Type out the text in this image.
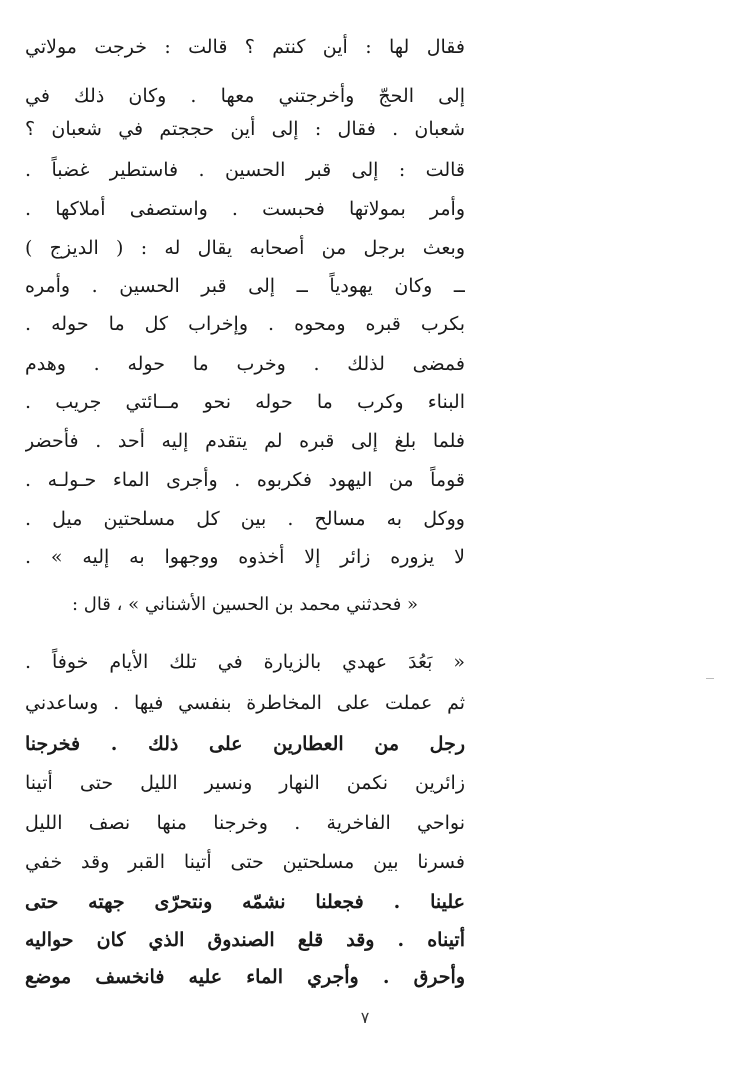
فقال لها : أين كنتم ؟ قالت : خرجت مولاتي
إلى الحجّ وأخرجتني معها . وكان ذلك في
شعبان . فقال : إلى أين حججتم في شعبان ؟
قالت : إلى قبر الحسين . فاستطير غضباً .
وأمر بمولاتها فحبست . واستصفى أملاكها .
وبعث برجل من أصحابه يقال له : ( الديزج )
ــ وكان يهودياً ــ إلى قبر الحسين . وأمره
بكرب قبره ومحوه . وإخراب كل ما حوله .
فمضى لذلك . وخرب ما حوله . وهدم
البناء وكرب ما حوله نحو مــائتي جريب .
فلما بلغ إلى قبره لم يتقدم إليه أحد . فأحضر
قوماً من اليهود فكربوه . وأجرى الماء حـولـه .
ووكل به مسالح . بين كل مسلحتين ميل .
لا يزوره زائر إلا أخذوه ووجهوا به إليه » .
« فحدثني محمد بن الحسين الأشناني » ، قال :
« بَعُدَ عهدي بالزيارة في تلك الأيام خوفاً .
ثم عملت على المخاطرة بنفسي فيها . وساعدني
رجل من العطارين على ذلك . فخرجنا
زائرين نكمن النهار ونسير الليل حتى أتينا
نواحي الفاخرية . وخرجنا منها نصف الليل
فسرنا بين مسلحتين حتى أتينا القبر وقد خفي
علينا . فجعلنا نشمّه ونتحرّى جهته حتى
أتيناه . وقد قلع الصندوق الذي كان حواليه
وأحرق . وأجري الماء عليه فانخسف موضع
٧
